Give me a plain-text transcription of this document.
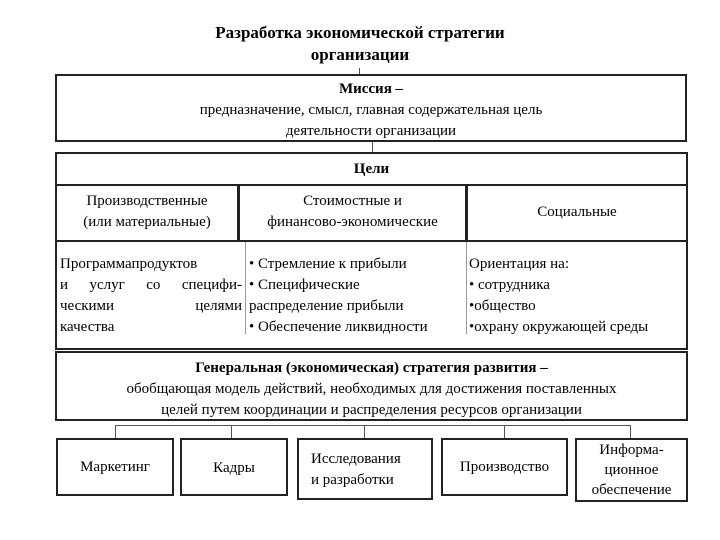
Разработка экономической стратегии
организации
Миссия –
предназначение, смысл, главная содержательная цель
деятельности организации
Цели
Производственные
(или материальные)
Стоимостные и
финансово-экономические
Социальные
Программапродуктов
и услуг со специфи-
ческими целями
качества
• Стремление к прибыли
• Специфические
распределение прибыли
• Обеспечение ликвидности
Ориентация на:
• сотрудника
•общество
•охрану окружающей среды
Генеральная (экономическая) стратегия развития –
обобщающая модель действий, необходимых для достижения поставленных
целей путем координации и распределения ресурсов организации
Маркетинг	Кадры
Исследования
и разработки
Производство
Информа-
ционное
обеспечение
